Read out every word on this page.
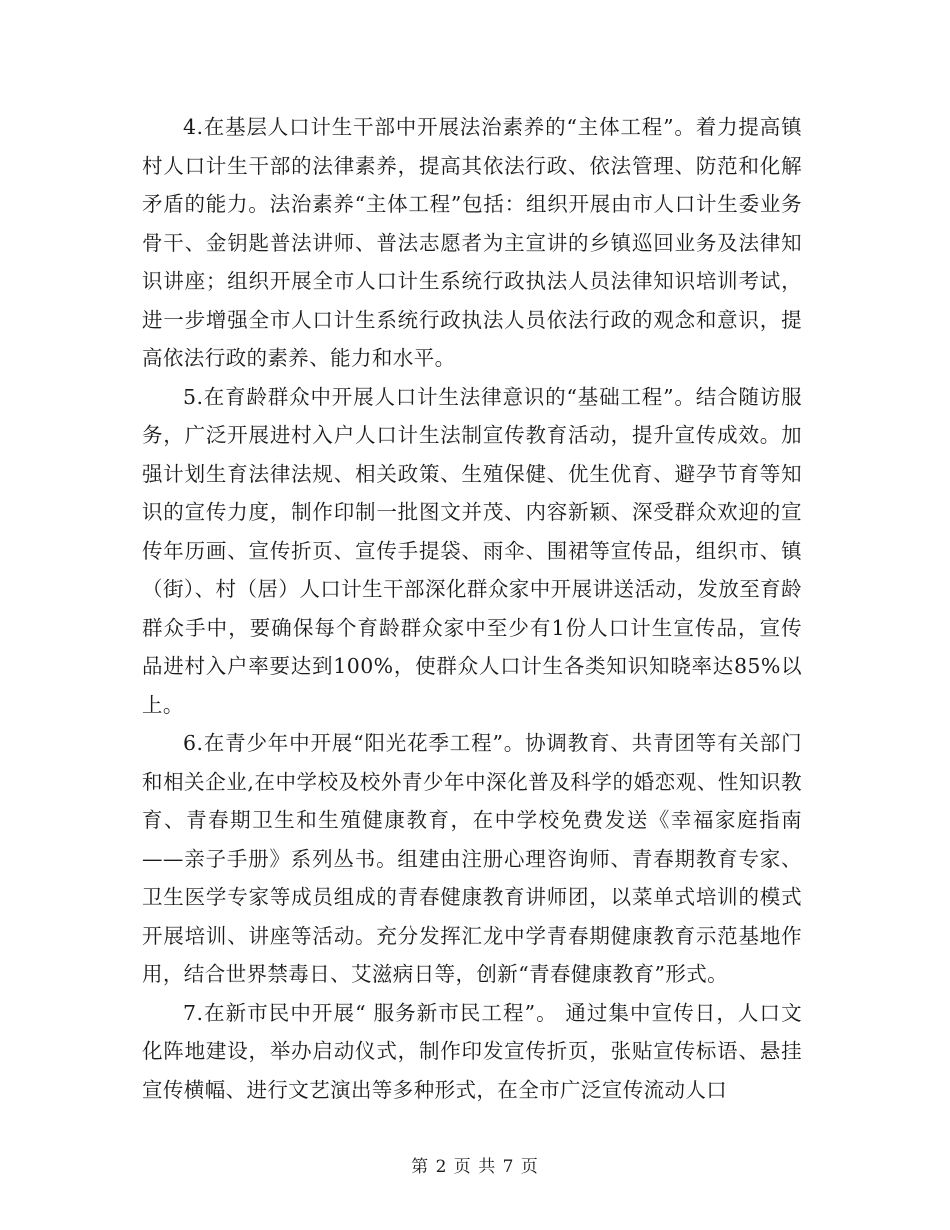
4.在基层人口计生干部中开展法治素养的“主体工程”。着力提高镇村人口计生干部的法律素养，提高其依法行政、依法管理、防范和化解矛盾的能力。法治素养“主体工程”包括：组织开展由市人口计生委业务骨干、金钥匙普法讲师、普法志愿者为主宣讲的乡镇巡回业务及法律知识讲座；组织开展全市人口计生系统行政执法人员法律知识培训考试，进一步增强全市人口计生系统行政执法人员依法行政的观念和意识，提高依法行政的素养、能力和水平。

5.在育龄群众中开展人口计生法律意识的“基础工程”。结合随访服务，广泛开展进村入户人口计生法制宣传教育活动，提升宣传成效。加强计划生育法律法规、相关政策、生殖保健、优生优育、避孕节育等知识的宣传力度，制作印制一批图文并茂、内容新颖、深受群众欢迎的宣传年历画、宣传折页、宣传手提袋、雨伞、围裙等宣传品，组织市、镇（街）、村（居）人口计生干部深化群众家中开展讲送活动，发放至育龄群众手中，要确保每个育龄群众家中至少有1份人口计生宣传品，宣传品进村入户率要达到100%，使群众人口计生各类知识知晓率达85%以上。

6.在青少年中开展“阳光花季工程”。协调教育、共青团等有关部门和相关企业,在中学校及校外青少年中深化普及科学的婚恋观、性知识教育、青春期卫生和生殖健康教育，在中学校免费发送《幸福家庭指南——亲子手册》系列丛书。组建由注册心理咨询师、青春期教育专家、卫生医学专家等成员组成的青春健康教育讲师团，以菜单式培训的模式开展培训、讲座等活动。充分发挥汇龙中学青春期健康教育示范基地作用，结合世界禁毒日、艾滋病日等，创新“青春健康教育”形式。

7.在新市民中开展“ 服务新市民工程”。 通过集中宣传日，人口文化阵地建设，举办启动仪式，制作印发宣传折页，张贴宣传标语、悬挂宣传横幅、进行文艺演出等多种形式，在全市广泛宣传流动人口

第 2 页 共 7 页
